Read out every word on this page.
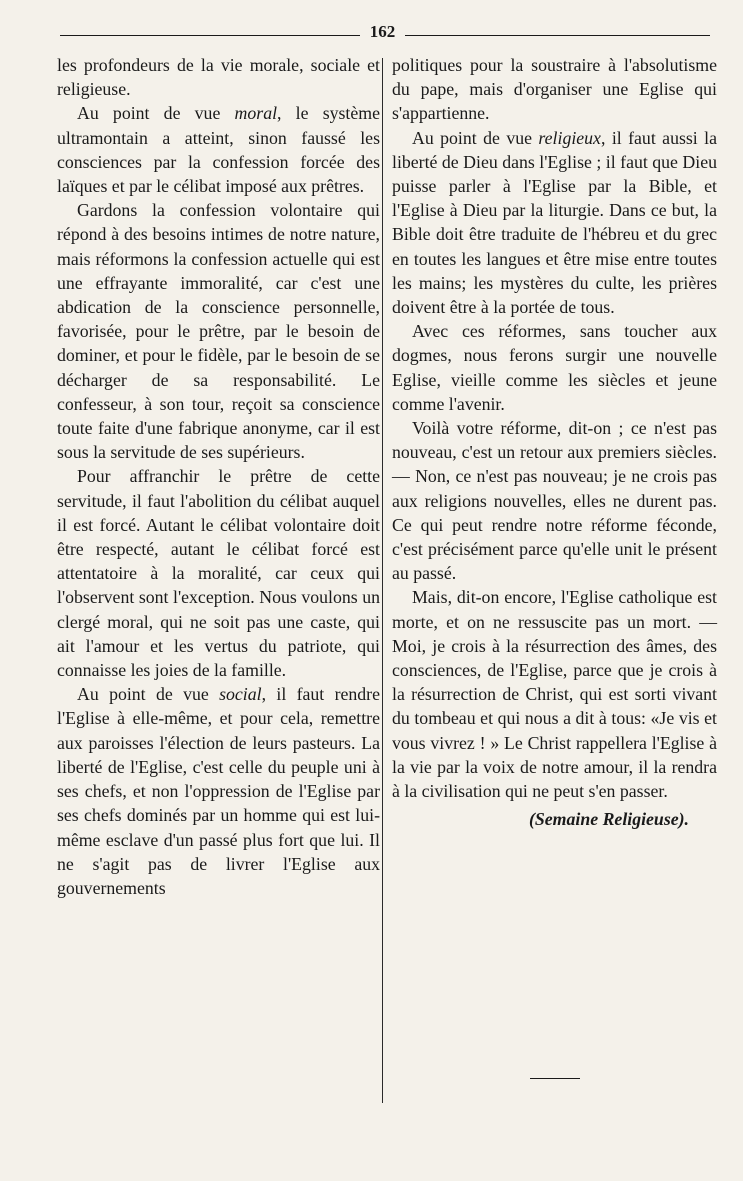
162

les profondeurs de la vie morale, sociale et religieuse.

Au point de vue moral, le système ultramontain a atteint, sinon faussé les consciences par la confession forcée des laïques et par le célibat imposé aux prêtres.

Gardons la confession volontaire qui répond à des besoins intimes de notre nature, mais réformons la confession actuelle qui est une effrayante immoralité, car c'est une abdication de la conscience personnelle, favorisée, pour le prêtre, par le besoin de dominer, et pour le fidèle, par le besoin de se décharger de sa responsabilité. Le confesseur, à son tour, reçoit sa conscience toute faite d'une fabrique anonyme, car il est sous la servitude de ses supérieurs.

Pour affranchir le prêtre de cette servitude, il faut l'abolition du célibat auquel il est forcé. Autant le célibat volontaire doit être respecté, autant le célibat forcé est attentatoire à la moralité, car ceux qui l'observent sont l'exception. Nous voulons un clergé moral, qui ne soit pas une caste, qui ait l'amour et les vertus du patriote, qui connaisse les joies de la famille.

Au point de vue social, il faut rendre l'Eglise à elle-même, et pour cela, remettre aux paroisses l'élection de leurs pasteurs. La liberté de l'Eglise, c'est celle du peuple uni à ses chefs, et non l'oppression de l'Eglise par ses chefs dominés par un homme qui est lui-même esclave d'un passé plus fort que lui. Il ne s'agit pas de livrer l'Eglise aux gouvernements

politiques pour la soustraire à l'absolutisme du pape, mais d'organiser une Eglise qui s'appartienne.

Au point de vue religieux, il faut aussi la liberté de Dieu dans l'Eglise ; il faut que Dieu puisse parler à l'Eglise par la Bible, et l'Eglise à Dieu par la liturgie. Dans ce but, la Bible doit être traduite de l'hébreu et du grec en toutes les langues et être mise entre toutes les mains; les mystères du culte, les prières doivent être à la portée de tous.

Avec ces réformes, sans toucher aux dogmes, nous ferons surgir une nouvelle Eglise, vieille comme les siècles et jeune comme l'avenir.

Voilà votre réforme, dit-on ; ce n'est pas nouveau, c'est un retour aux premiers siècles. — Non, ce n'est pas nouveau; je ne crois pas aux religions nouvelles, elles ne durent pas. Ce qui peut rendre notre réforme féconde, c'est précisément parce qu'elle unit le présent au passé.

Mais, dit-on encore, l'Eglise catholique est morte, et on ne ressuscite pas un mort. — Moi, je crois à la résurrection des âmes, des consciences, de l'Eglise, parce que je crois à la résurrection de Christ, qui est sorti vivant du tombeau et qui nous a dit à tous: «Je vis et vous vivrez ! » Le Christ rappellera l'Eglise à la vie par la voix de notre amour, il la rendra à la civilisation qui ne peut s'en passer.

(Semaine Religieuse).
